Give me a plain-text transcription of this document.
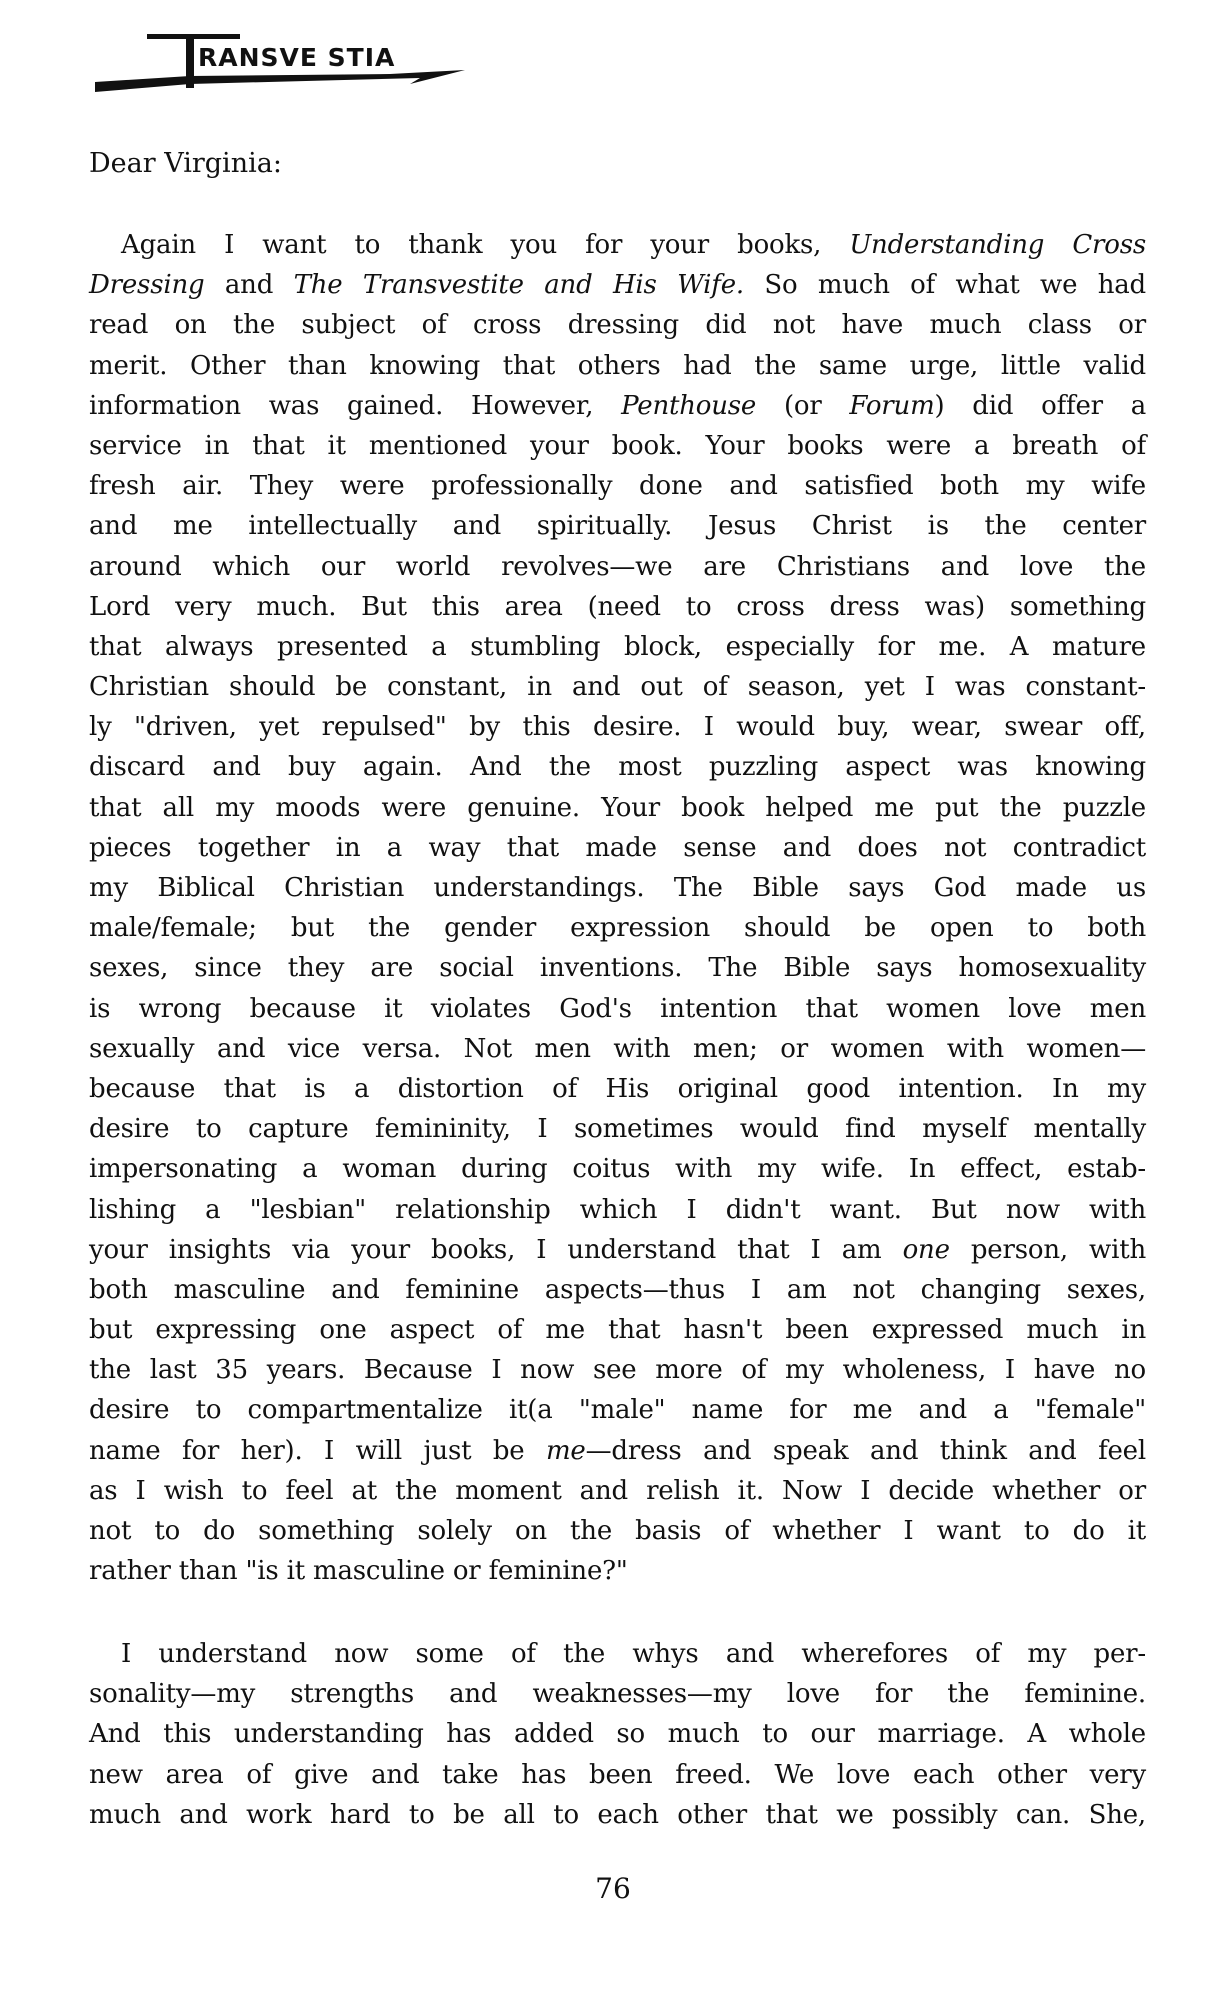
RANSVE STIA
Dear Virginia:
Again I want to thank you for your books, Understanding Cross
Dressing and The Transvestite and His Wife. So much of what we had
read on the subject of cross dressing did not have much class or
merit. Other than knowing that others had the same urge, little valid
information was gained. However, Penthouse (or Forum) did offer a
service in that it mentioned your book. Your books were a breath of
fresh air. They were professionally done and satisfied both my wife
and me intellectually and spiritually. Jesus Christ is the center
around which our world revolves—we are Christians and love the
Lord very much. But this area (need to cross dress was) something
that always presented a stumbling block, especially for me. A mature
Christian should be constant, in and out of season, yet I was constant-
ly "driven, yet repulsed" by this desire. I would buy, wear, swear off,
discard and buy again. And the most puzzling aspect was knowing
that all my moods were genuine. Your book helped me put the puzzle
pieces together in a way that made sense and does not contradict
my Biblical Christian understandings. The Bible says God made us
male/female; but the gender expression should be open to both
sexes, since they are social inventions. The Bible says homosexuality
is wrong because it violates God's intention that women love men
sexually and vice versa. Not men with men; or women with women—
because that is a distortion of His original good intention. In my
desire to capture femininity, I sometimes would find myself mentally
impersonating a woman during coitus with my wife. In effect, estab-
lishing a "lesbian" relationship which I didn't want. But now with
your insights via your books, I understand that I am one person, with
both masculine and feminine aspects—thus I am not changing sexes,
but expressing one aspect of me that hasn't been expressed much in
the last 35 years. Because I now see more of my wholeness, I have no
desire to compartmentalize it(a "male" name for me and a "female"
name for her). I will just be me—dress and speak and think and feel
as I wish to feel at the moment and relish it. Now I decide whether or
not to do something solely on the basis of whether I want to do it
rather than "is it masculine or feminine?"
I understand now some of the whys and wherefores of my per-
sonality—my strengths and weaknesses—my love for the feminine.
And this understanding has added so much to our marriage. A whole
new area of give and take has been freed. We love each other very
much and work hard to be all to each other that we possibly can. She,
76
